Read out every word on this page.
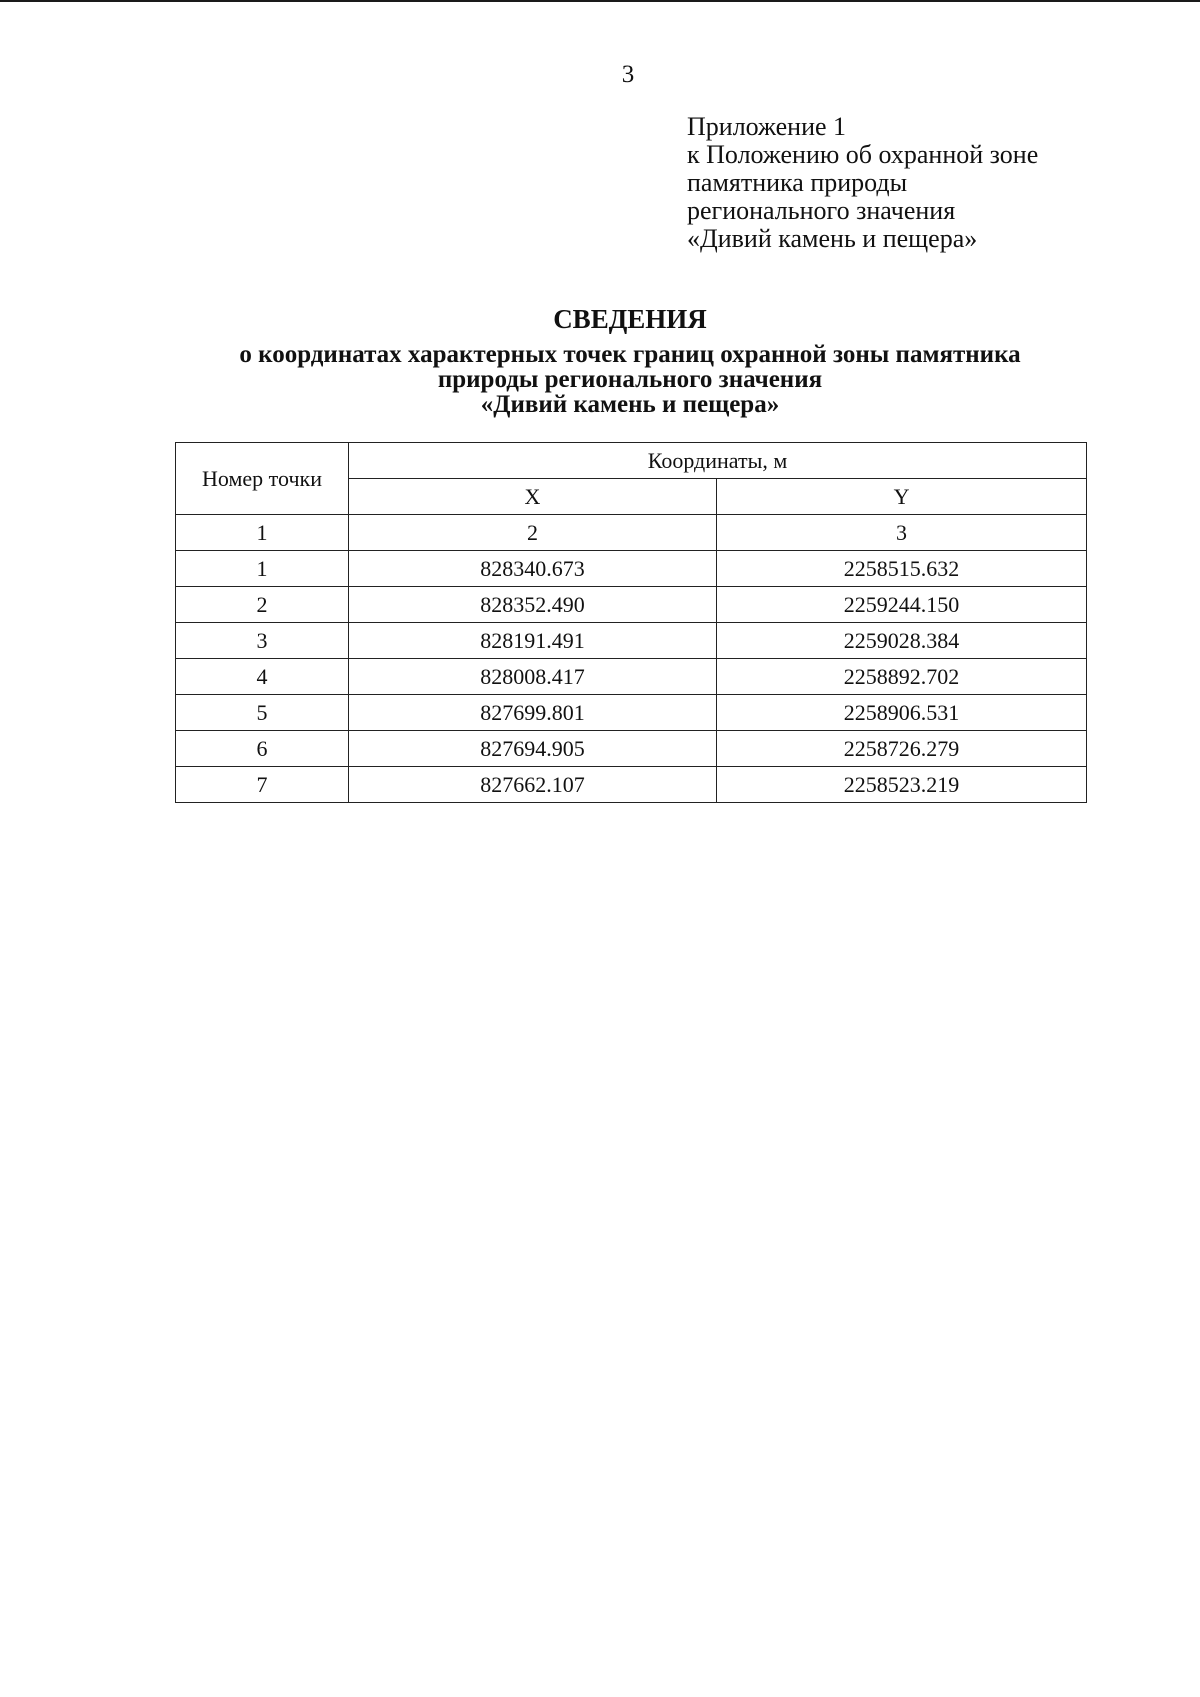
3
Приложение 1
к Положению об охранной зоне
памятника природы
регионального значения
«Дивий камень и пещера»
СВЕДЕНИЯ
о координатах характерных точек границ охранной зоны памятника
природы регионального значения
«Дивий камень и пещера»
Номер точки	Координаты, м	
	X	Y
1	2	3
1	828340.673	2258515.632
2	828352.490	2259244.150
3	828191.491	2259028.384
4	828008.417	2258892.702
5	827699.801	2258906.531
6	827694.905	2258726.279
7	827662.107	2258523.219
